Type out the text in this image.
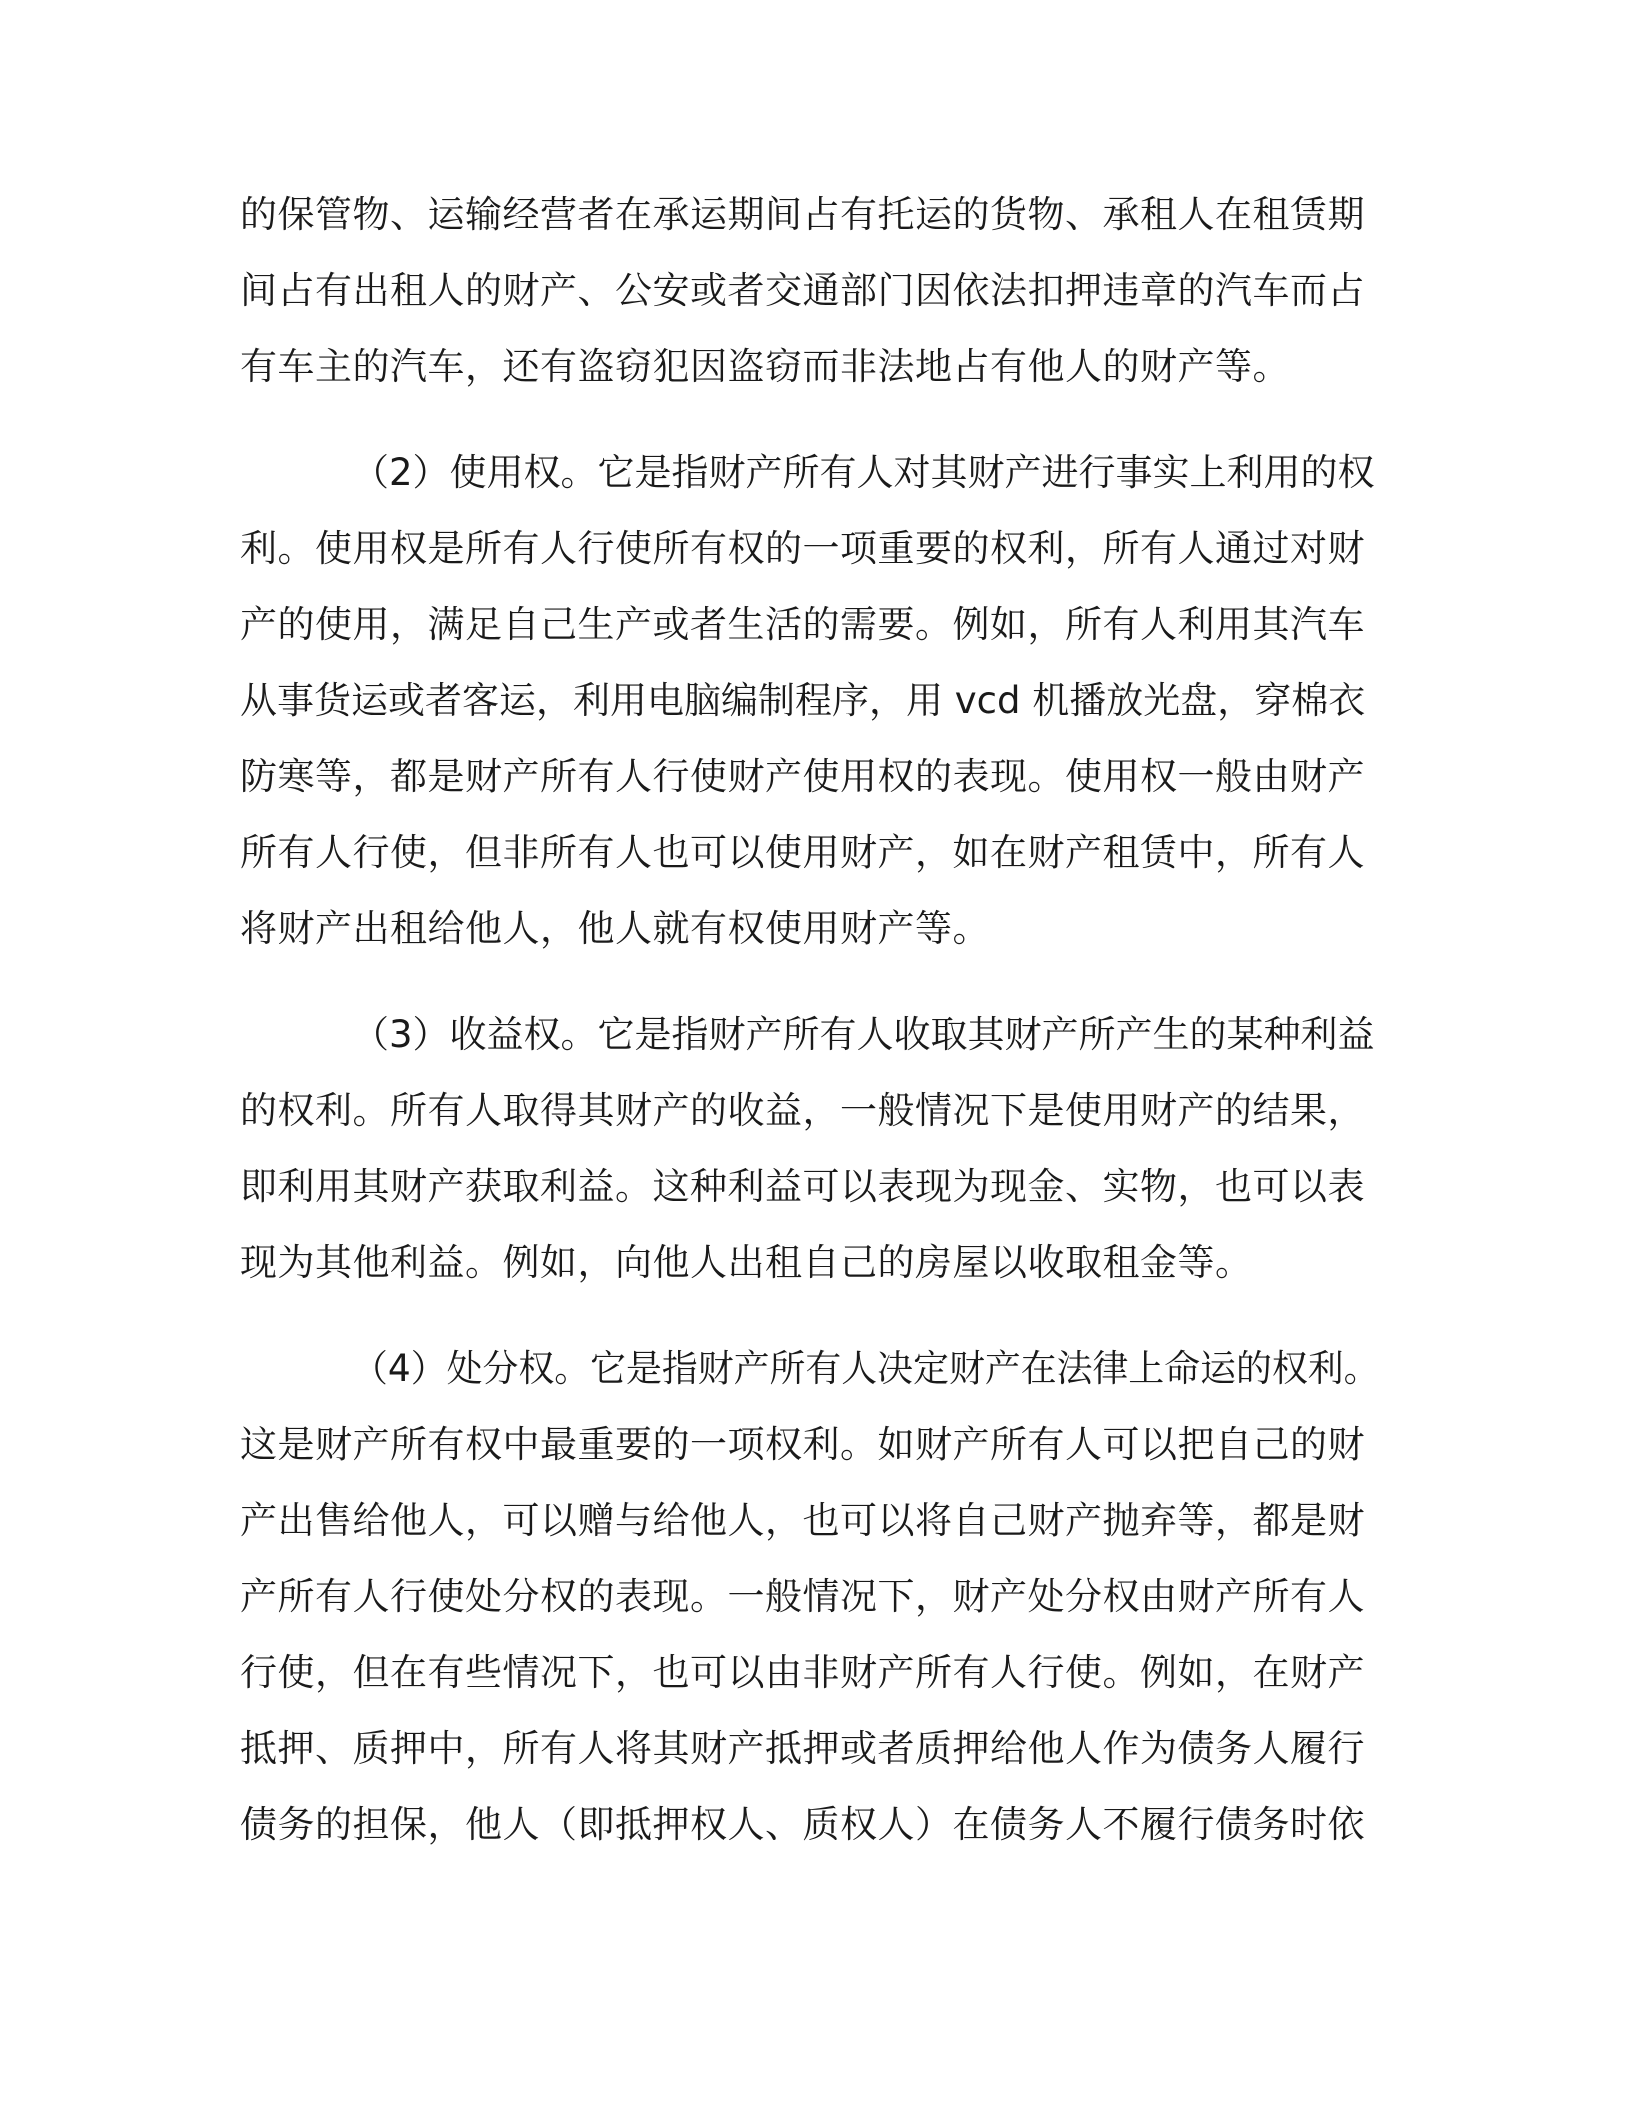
的保管物、运输经营者在承运期间占有托运的货物、承租人在租赁期
间占有出租人的财产、公安或者交通部门因依法扣押违章的汽车而占
有车主的汽车，还有盗窃犯因盗窃而非法地占有他人的财产等。
（2）使用权。它是指财产所有人对其财产进行事实上利用的权
利。使用权是所有人行使所有权的一项重要的权利，所有人通过对财
产的使用，满足自己生产或者生活的需要。例如，所有人利用其汽车
从事货运或者客运，利用电脑编制程序，用 vcd 机播放光盘，穿棉衣
防寒等，都是财产所有人行使财产使用权的表现。使用权一般由财产
所有人行使，但非所有人也可以使用财产，如在财产租赁中，所有人
将财产出租给他人，他人就有权使用财产等。
（3）收益权。它是指财产所有人收取其财产所产生的某种利益
的权利。所有人取得其财产的收益，一般情况下是使用财产的结果，
即利用其财产获取利益。这种利益可以表现为现金、实物，也可以表
现为其他利益。例如，向他人出租自己的房屋以收取租金等。
（4）处分权。它是指财产所有人决定财产在法律上命运的权利。
这是财产所有权中最重要的一项权利。如财产所有人可以把自己的财
产出售给他人，可以赠与给他人，也可以将自己财产抛弃等，都是财
产所有人行使处分权的表现。一般情况下，财产处分权由财产所有人
行使，但在有些情况下，也可以由非财产所有人行使。例如，在财产
抵押、质押中，所有人将其财产抵押或者质押给他人作为债务人履行
债务的担保，他人（即抵押权人、质权人）在债务人不履行债务时依
